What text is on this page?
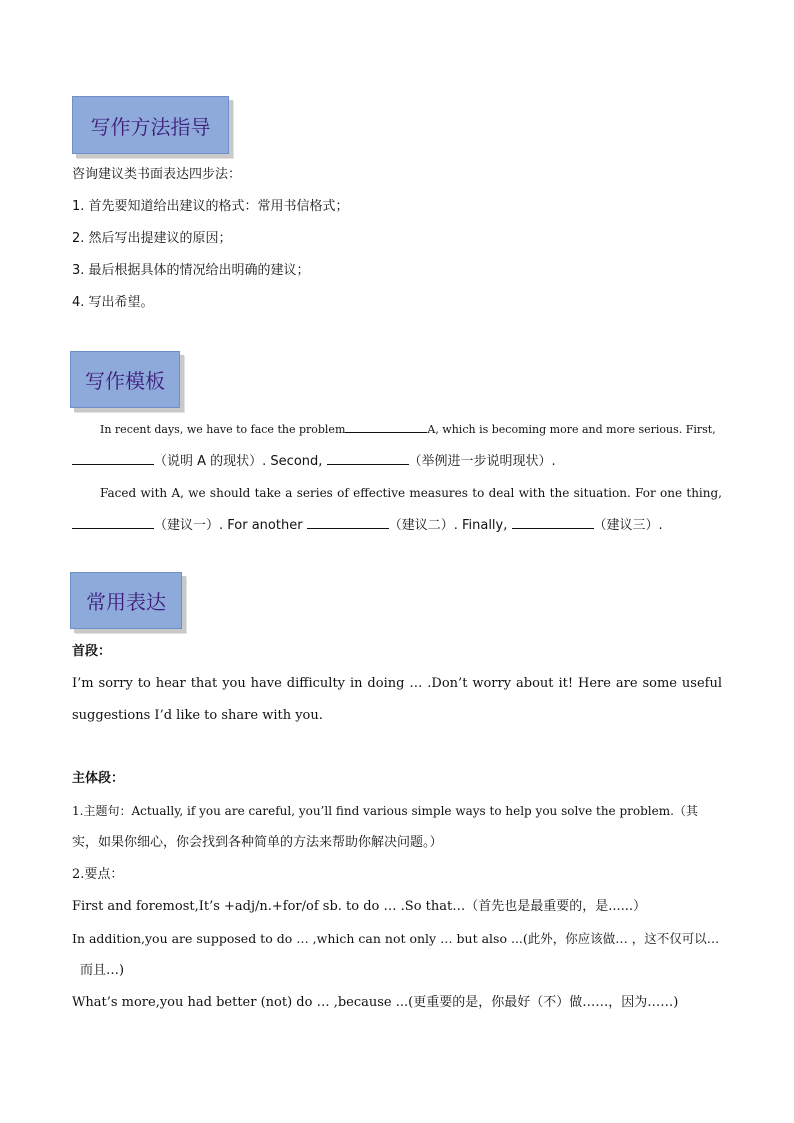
写作方法指导
咨询建议类书面表达四步法：
1. 首先要知道给出建议的格式：常用书信格式；
2. 然后写出提建议的原因；
3. 最后根据具体的情况给出明确的建议；
4. 写出希望。
写作模板
In recent days, we have to face the problem	A, which is becoming more and more serious. First,
（说明 A 的现状）. Second,	（举例进一步说明现状）.
Faced with A, we should take a series of effective measures to deal with the situation. For one thing,
（建议一）. For another	（建议二）. Finally,	（建议三）.
常用表达
首段：
I’m sorry to hear that you have difficulty in doing … .Don’t worry about it! Here are some useful
suggestions I’d like to share with you.
主体段：
1.主题句：Actually, if you are careful, you’ll find various simple ways to help you solve the problem.（其
实，如果你细心，你会找到各种简单的方法来帮助你解决问题。）
2.要点：
First and foremost,It’s +adj/n.+for/of sb. to do … .So that…（首先也是最重要的，是......）
In addition,you are supposed to do … ,which can not only … but also ...(此外，你应该做… ，这不仅可以…
而且…)
What’s more,you had better (not) do … ,because ...(更重要的是，你最好（不）做……，因为……)
